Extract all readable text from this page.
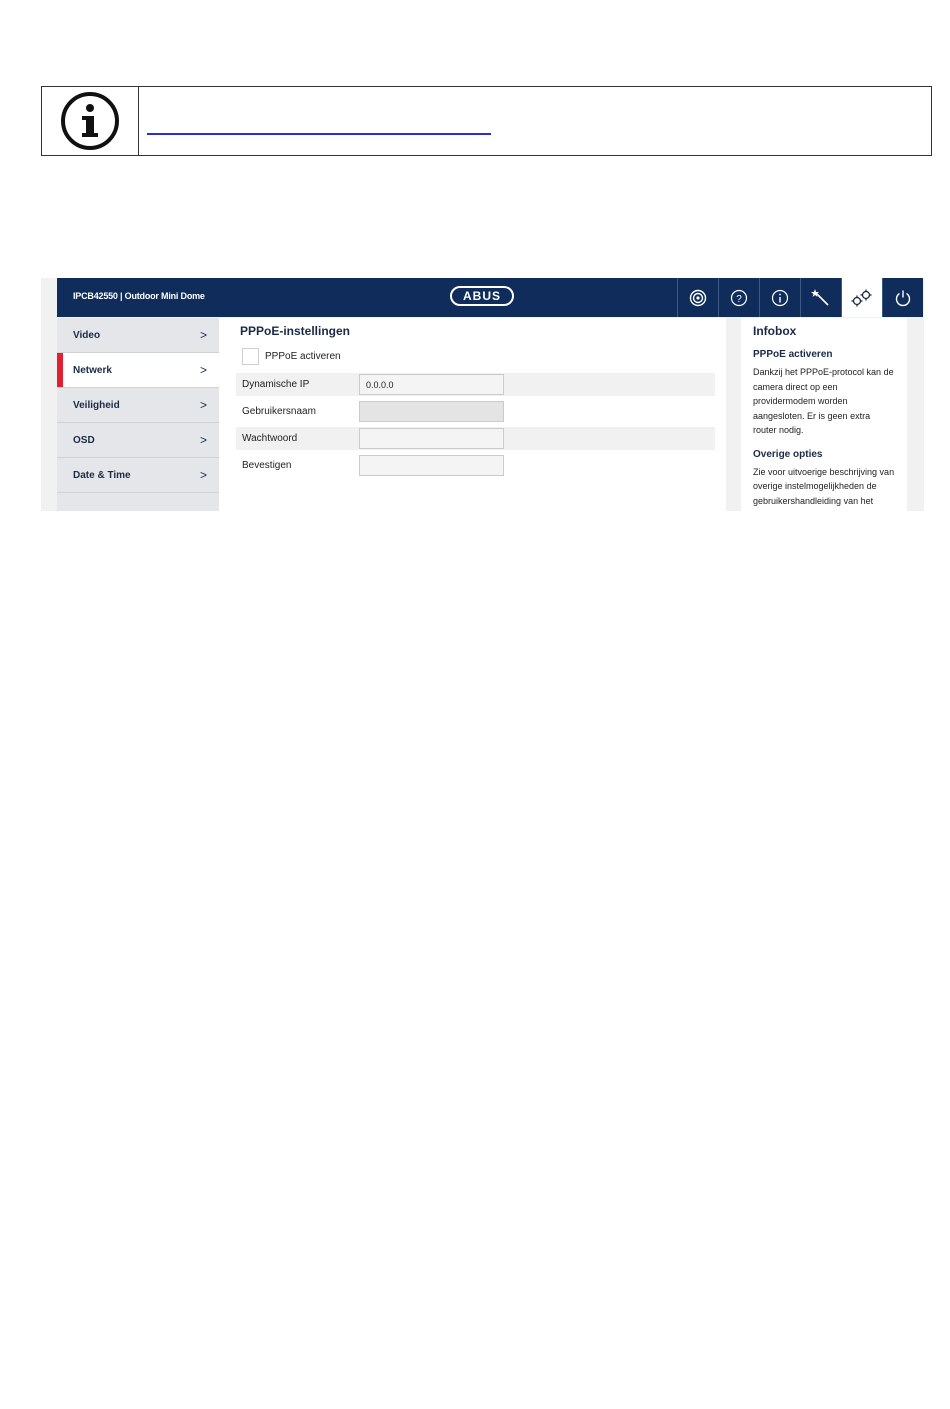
IPCB42550 | Outdoor Mini Dome	ABUS	?
Video	>
Netwerk	>
Veiligheid	>
OSD	>
Date & Time	>
PPPoE-instellingen
PPPoE activeren
Dynamische IP	0.0.0.0
Gebruikersnaam
Wachtwoord
Bevestigen
Infobox
PPPoE activeren

Dankzij het PPPoE-protocol kan de camera direct op een providermodem worden aangesloten. Er is geen extra router nodig.

Overige opties

Zie voor uitvoerige beschrijving van overige instelmogelijkheden de gebruikershandleiding van het
